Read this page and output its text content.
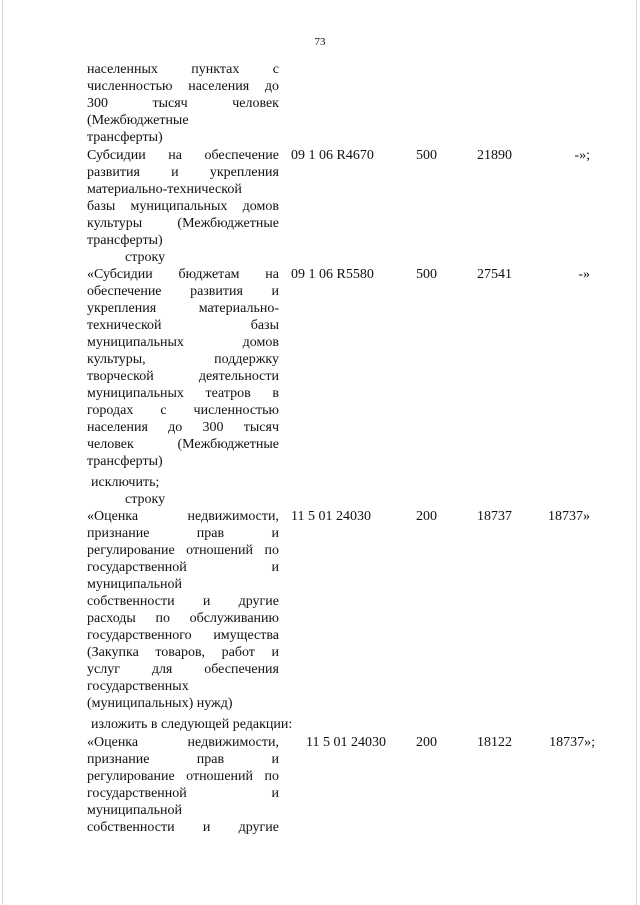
73
населенных пунктах с
численностью населения до
300 тысяч человек
(Межбюджетные
трансферты)
Субсидии на обеспечение
развития и укрепления
материально-технической
базы муниципальных домов
культуры (Межбюджетные
трансферты)
09 1 06 R4670	500	21890	-»;
строку
«Субсидии бюджетам на
обеспечение развития и
укрепления материально-
технической базы
муниципальных домов
культуры, поддержку
творческой деятельности
муниципальных театров в
городах с численностью
населения до 300 тысяч
человек (Межбюджетные
трансферты)
09 1 06 R5580	500	27541	-»
исключить;
строку
«Оценка недвижимости,
признание прав и
регулирование отношений по
государственной и
муниципальной
собственности и другие
расходы по обслуживанию
государственного имущества
(Закупка товаров, работ и
услуг для обеспечения
государственных
(муниципальных) нужд)
11 5 01 24030	200	18737	18737»
изложить в следующей редакции:
«Оценка недвижимости,
признание прав и
регулирование отношений по
государственной и
муниципальной
собственности и другие
11 5 01 24030 200	18122	18737»;
